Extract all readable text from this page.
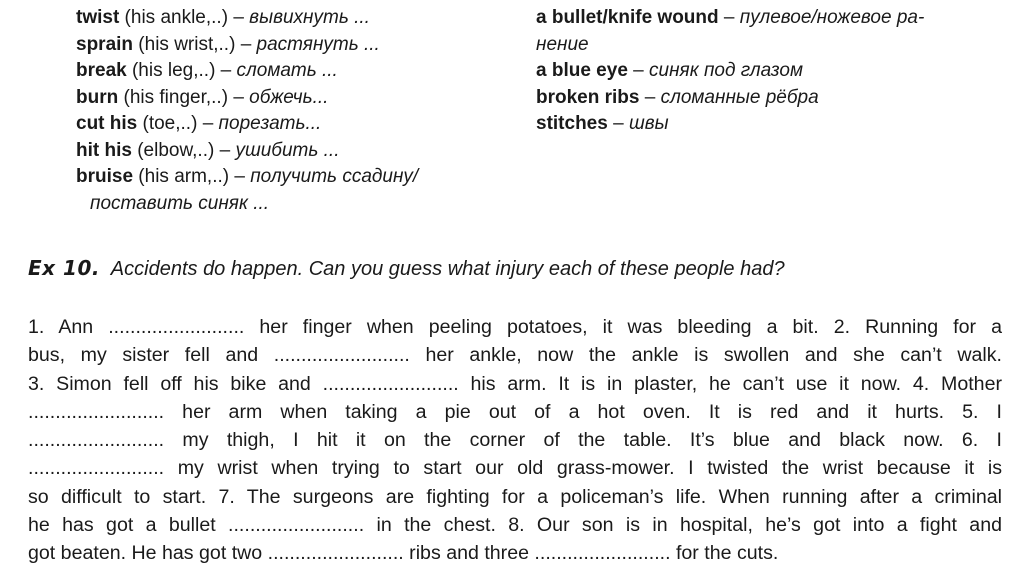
twist (his ankle,..) – вывихнуть ...
sprain (his wrist,..) – растянуть ...
break (his leg,..) – сломать ...
burn (his finger,..) – обжечь...
cut his (toe,..) – порезать...
hit his (elbow,..) – ушибить ...
bruise (his arm,..) – получить ссадину/
поставить синяк ...
a bullet/knife wound – пулевое/ножевое ра-
нение
a blue eye – синяк под глазом
broken ribs – сломанные рёбра
stitches – швы
Ex 10. Accidents do happen. Can you guess what injury each of these people had?
1. Ann ......................... her finger when peeling potatoes, it was bleeding a bit. 2. Running for a
bus, my sister fell and ......................... her ankle, now the ankle is swollen and she can’t walk.
3. Simon fell off his bike and ......................... his arm. It is in plaster, he can’t use it now. 4. Mother
......................... her arm when taking a pie out of a hot oven. It is red and it hurts. 5. I
......................... my thigh, I hit it on the corner of the table. It’s blue and black now. 6. I
......................... my wrist when trying to start our old grass-mower. I twisted the wrist because it is
so difficult to start. 7. The surgeons are fighting for a policeman’s life. When running after a criminal
he has got a bullet ......................... in the chest. 8. Our son is in hospital, he’s got into a fight and
got beaten. He has got two ......................... ribs and three ......................... for the cuts.
